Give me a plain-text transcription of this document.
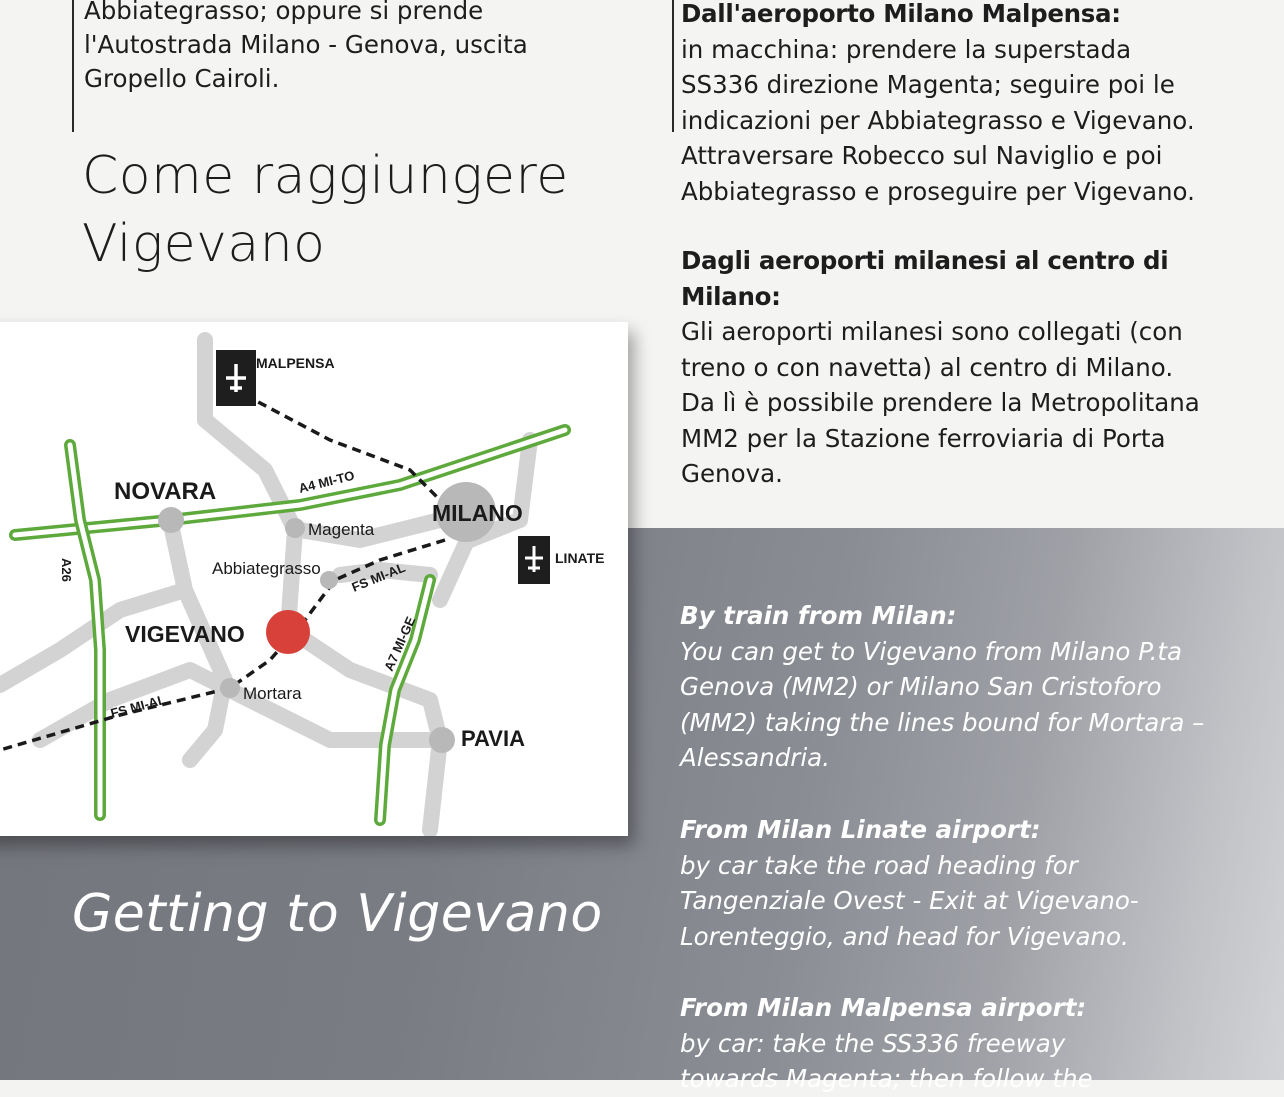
Abbiategrasso; oppure si prende
l'Autostrada Milano - Genova, uscita
Gropello Cairoli.
Come raggiungere
Vigevano
Dall'aeroporto Milano Malpensa:
in macchina: prendere la superstada
SS336 direzione Magenta; seguire poi le
indicazioni per Abbiategrasso e Vigevano.
Attraversare Robecco sul Naviglio e poi
Abbiategrasso e proseguire per Vigevano.
Dagli aeroporti milanesi al centro di Milano:
Gli aeroporti milanesi sono collegati (con
treno o con navetta) al centro di Milano.
Da lì è possibile prendere la Metropolitana
MM2 per la Stazione ferroviaria di Porta
Genova.
NOVARA
MILANO
VIGEVANO
PAVIA
Magenta
Abbiategrasso
Mortara
MALPENSA
LINATE
A4 MI-TO
A26
A7 MI-GE
FS MI-AL
FS MI-AL
Getting to Vigevano
By train from Milan:
You can get to Vigevano from Milano P.ta
Genova (MM2) or Milano San Cristoforo
(MM2) taking the lines bound for Mortara –
Alessandria.
From Milan Linate airport:
by car take the road heading for
Tangenziale Ovest - Exit at Vigevano-
Lorenteggio, and head for Vigevano.
From Milan Malpensa airport:
by car: take the SS336 freeway
towards Magenta; then follow the
